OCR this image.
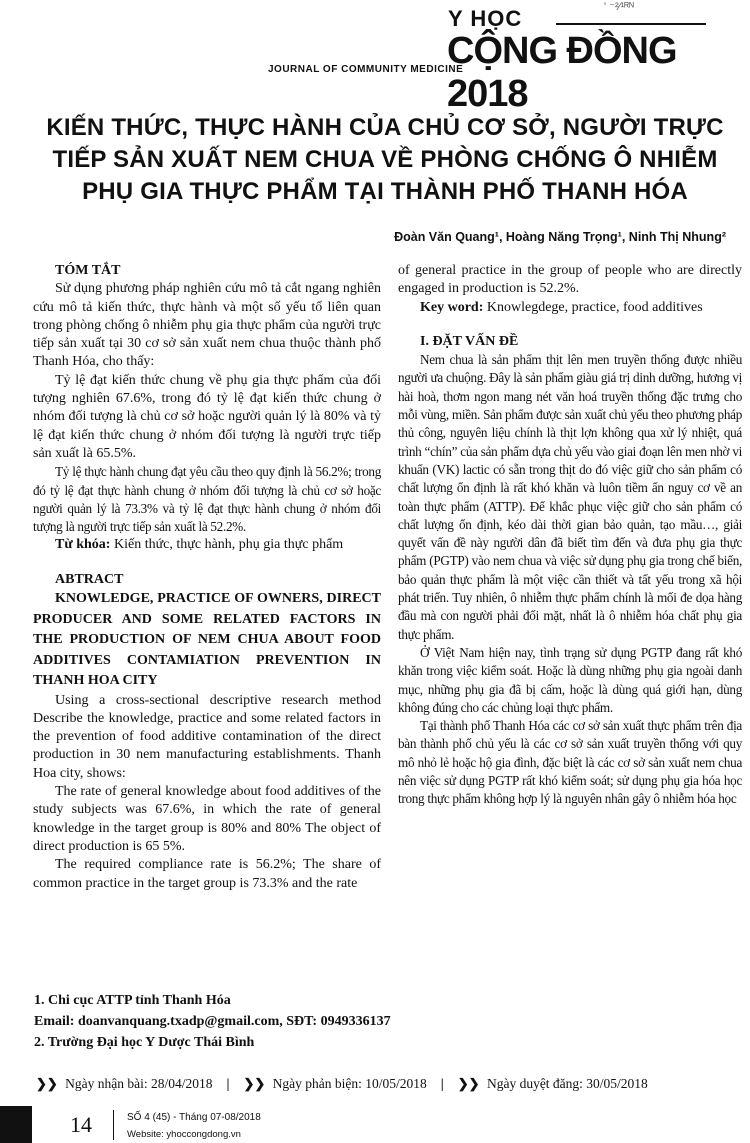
' ⁻²⁄¹ᴿᴺ
Y HỌC
JOURNAL OF COMMUNITY MEDICINE
CỘNG ĐỒNG 2018
KIẾN THỨC, THỰC HÀNH CỦA CHỦ CƠ SỞ, NGƯỜI TRỰC
TIẾP SẢN XUẤT NEM CHUA VỀ PHÒNG CHỐNG Ô NHIỄM
PHỤ GIA THỰC PHẨM TẠI THÀNH PHỐ THANH HÓA
Đoàn Văn Quang¹, Hoàng Năng Trọng¹, Ninh Thị Nhung²

TÓM TẮT

Sử dụng phương pháp nghiên cứu mô tả cắt ngang nghiên cứu mô tả kiến thức, thực hành và một số yếu tố liên quan trong phòng chống ô nhiễm phụ gia thực phẩm của người trực tiếp sản xuất tại 30 cơ sở sản xuất nem chua thuộc thành phố Thanh Hóa, cho thấy:

Tỷ lệ đạt kiến thức chung về phụ gia thực phẩm của đối tượng nghiên 67.6%, trong đó tỷ lệ đạt kiến thức chung ở nhóm đối tượng là chủ cơ sở hoặc người quản lý là 80% và tỷ lệ đạt kiến thức chung ở nhóm đối tượng là người trực tiếp sản xuất là 65.5%.

Tỷ lệ thực hành chung đạt yêu cầu theo quy định là 56.2%; trong đó tỷ lệ đạt thực hành chung ở nhóm đối tượng là chủ cơ sở hoặc người quản lý là 73.3% và tỷ lệ đạt thực hành chung ở nhóm đối tượng là người trực tiếp sản xuất là 52.2%.

Từ khóa: Kiến thức, thực hành, phụ gia thực phẩm

ABTRACT

KNOWLEDGE, PRACTICE OF OWNERS, DIRECT PRODUCER AND SOME RELATED FACTORS IN THE PRODUCTION OF NEM CHUA ABOUT FOOD ADDITIVES CONTAMIATION PREVENTION IN THANH HOA CITY

Using a cross-sectional descriptive research method Describe the knowledge, practice and some related factors in the prevention of food additive contamination of the direct production in 30 nem manufacturing establishments. Thanh Hoa city, shows:

The rate of general knowledge about food additives of the study subjects was 67.6%, in which the rate of general knowledge in the target group is 80% and 80% The object of direct production is 65 5%.

The required compliance rate is 56.2%; The share of common practice in the target group is 73.3% and the rate

of general practice in the group of people who are directly engaged in production is 52.2%.

Key word: Knowlegdege, practice, food additives

I. ĐẶT VẤN ĐỀ

Nem chua là sản phẩm thịt lên men truyền thống được nhiều người ưa chuộng. Đây là sản phẩm giàu giá trị dinh dưỡng, hương vị hài hoà, thơm ngon mang nét văn hoá truyền thống đặc trưng cho mỗi vùng, miền. Sản phẩm được sản xuất chủ yếu theo phương pháp thủ công, nguyên liệu chính là thịt lợn không qua xử lý nhiệt, quá trình “chín” của sản phẩm dựa chủ yếu vào giai đoạn lên men nhờ vi khuẩn (VK) lactic có sẵn trong thịt do đó việc giữ cho sản phẩm có chất lượng ổn định là rất khó khăn và luôn tiềm ẩn nguy cơ về an toàn thực phẩm (ATTP). Để khắc phục việc giữ cho sản phẩm có chất lượng ổn định, kéo dài thời gian bảo quản, tạo mầu…, giải quyết vấn đề này người dân đã biết tìm đến và đưa phụ gia thực phẩm (PGTP) vào nem chua và việc sử dụng phụ gia trong chế biến, bảo quản thực phẩm là một việc cần thiết và tất yếu trong xã hội phát triển. Tuy nhiên, ô nhiễm thực phẩm chính là mối đe dọa hàng đầu mà con người phải đối mặt, nhất là ô nhiễm hóa chất phụ gia thực phẩm.

Ở Việt Nam hiện nay, tình trạng sử dụng PGTP đang rất khó khăn trong việc kiểm soát. Hoặc là dùng những phụ gia ngoài danh mục, những phụ gia đã bị cấm, hoặc là dùng quá giới hạn, dùng không đúng cho các chủng loại thực phẩm.

Tại thành phố Thanh Hóa các cơ sở sản xuất thực phẩm trên địa bàn thành phố chủ yếu là các cơ sở sản xuất truyền thống với quy mô nhỏ lẻ hoặc hộ gia đình, đặc biệt là các cơ sở sản xuất nem chua nên việc sử dụng PGTP rất khó kiểm soát; sử dụng phụ gia hóa học trong thực phẩm không hợp lý là nguyên nhân gây ô nhiễm hóa học

1. Chi cục ATTP tỉnh Thanh Hóa
Email: doanvanquang.txadp@gmail.com, SĐT: 0949336137
2. Trường Đại học Y Dược Thái Bình
❯❯ Ngày nhận bài: 28/04/2018 | ❯❯ Ngày phản biện: 10/05/2018 | ❯❯ Ngày duyệt đăng: 30/05/2018
14	SỐ 4 (45) - Tháng 07-08/2018
Website: yhoccongdong.vn
